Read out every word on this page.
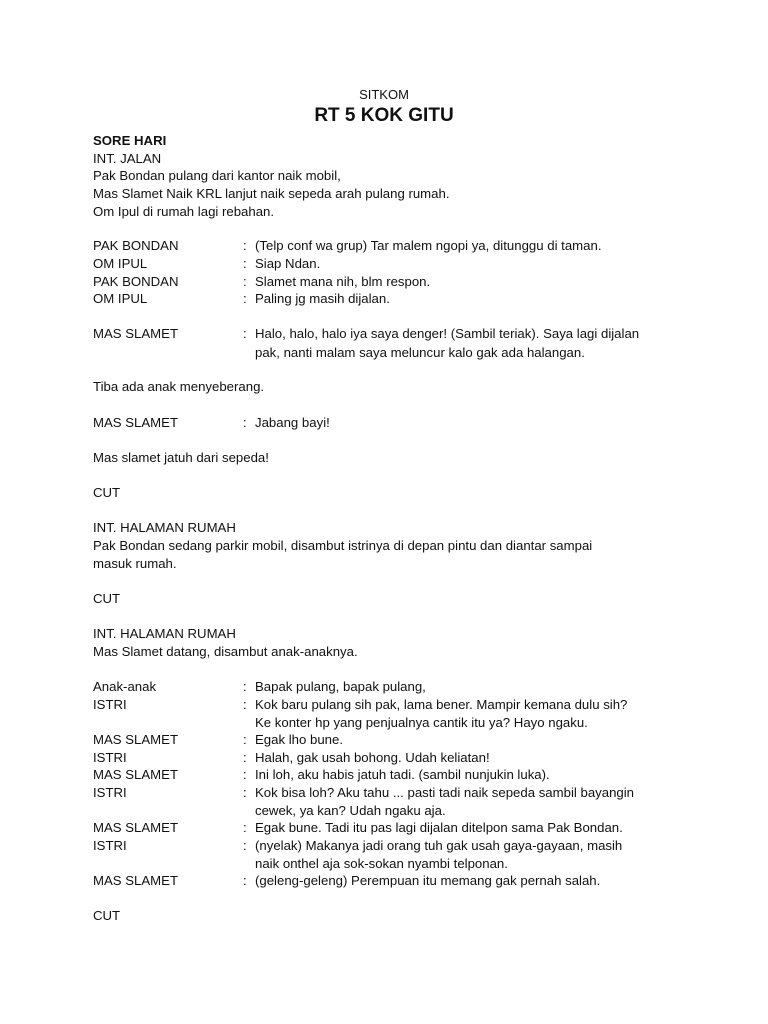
SITKOM
RT 5 KOK GITU
SORE HARI
INT. JALAN
Pak Bondan pulang dari kantor naik mobil,
Mas Slamet Naik KRL lanjut naik sepeda arah pulang rumah.
Om Ipul di rumah lagi rebahan.
PAK BONDAN	: (Telp conf wa grup) Tar malem ngopi ya, ditunggu di taman.
OM IPUL	: Siap Ndan.
PAK BONDAN	: Slamet mana nih, blm respon.
OM IPUL	: Paling jg masih dijalan.
MAS SLAMET	: Halo, halo, halo iya saya denger! (Sambil teriak). Saya lagi dijalan
pak, nanti malam saya meluncur kalo gak ada halangan.
Tiba ada anak menyeberang.
MAS SLAMET	: Jabang bayi!
Mas slamet jatuh dari sepeda!
CUT
INT. HALAMAN RUMAH
Pak Bondan sedang parkir mobil, disambut istrinya di depan pintu dan diantar sampai
masuk rumah.
CUT
INT. HALAMAN RUMAH
Mas Slamet datang, disambut anak-anaknya.
Anak-anak	: Bapak pulang, bapak pulang,
ISTRI	: Kok baru pulang sih pak, lama bener. Mampir kemana dulu sih?
Ke konter hp yang penjualnya cantik itu ya? Hayo ngaku.
MAS SLAMET	: Egak lho bune.
ISTRI	: Halah, gak usah bohong. Udah keliatan!
MAS SLAMET	: Ini loh, aku habis jatuh tadi. (sambil nunjukin luka).
ISTRI	: Kok bisa loh? Aku tahu ... pasti tadi naik sepeda sambil bayangin
cewek, ya kan? Udah ngaku aja.
MAS SLAMET	: Egak bune. Tadi itu pas lagi dijalan ditelpon sama Pak Bondan.
ISTRI	: (nyelak) Makanya jadi orang tuh gak usah gaya-gayaan, masih
naik onthel aja sok-sokan nyambi telponan.
MAS SLAMET	: (geleng-geleng) Perempuan itu memang gak pernah salah.
CUT
